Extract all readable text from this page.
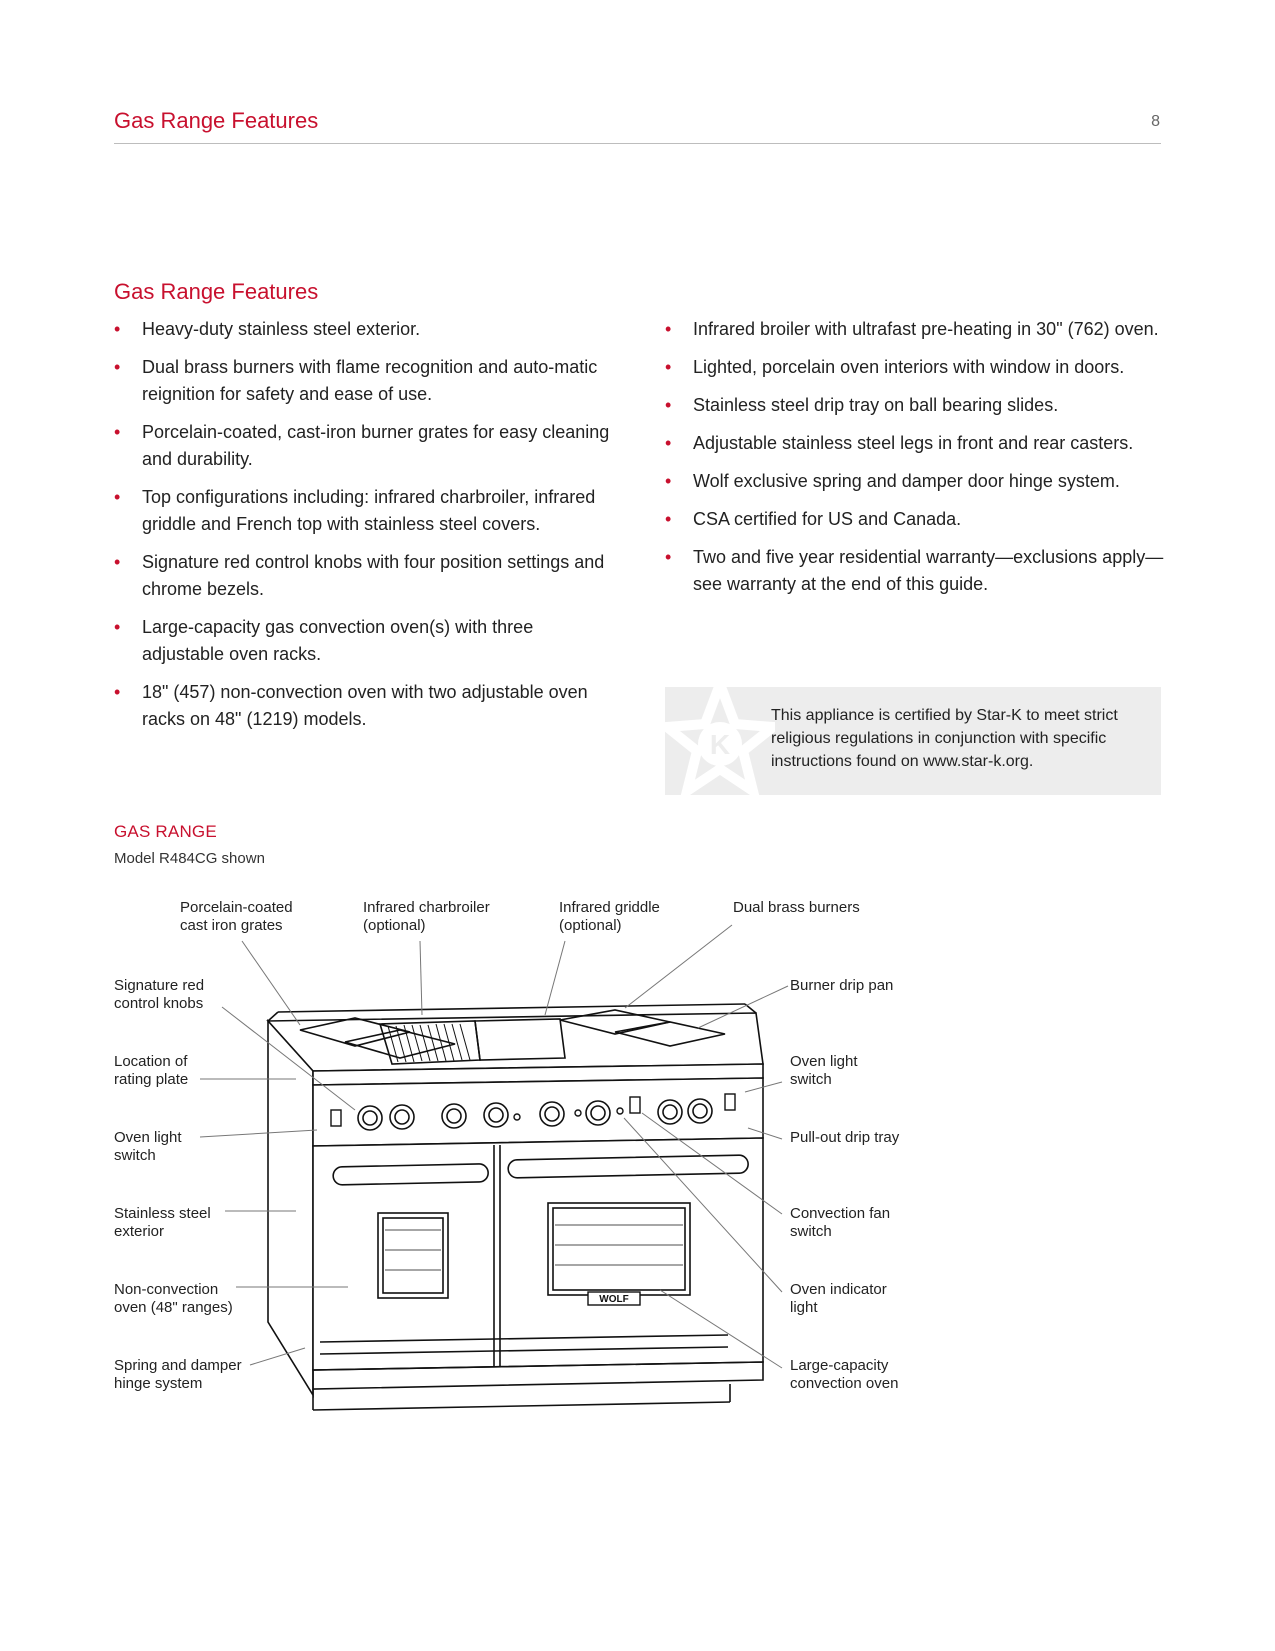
Gas Range Features	8
Gas Range Features
• Heavy-duty stainless steel exterior.
• Dual brass burners with flame recognition and auto-matic reignition for safety and ease of use.
• Porcelain-coated, cast-iron burner grates for easy cleaning and durability.
• Top configurations including: infrared charbroiler, infrared griddle and French top with stainless steel covers.
• Signature red control knobs with four position settings and chrome bezels.
• Large-capacity gas convection oven(s) with three adjustable oven racks.
• 18" (457) non-convection oven with two adjustable oven racks on 48" (1219) models.
• Infrared broiler with ultrafast pre-heating in 30" (762) oven.
• Lighted, porcelain oven interiors with window in doors.
• Stainless steel drip tray on ball bearing slides.
• Adjustable stainless steel legs in front and rear casters.
• Wolf exclusive spring and damper door hinge system.
• CSA certified for US and Canada.
• Two and five year residential warranty—exclusions apply—see warranty at the end of this guide.
K
This appliance is certified by Star-K to meet strict religious regulations in conjunction with specific instructions found on www.star-k.org.
GAS RANGE
Model R484CG shown
WOLF
Porcelain-coated
cast iron grates
Infrared charbroiler
(optional)
Infrared griddle
(optional)
Dual brass burners
Signature red
control knobs
Burner drip pan
Location of
rating plate
Oven light
switch
Oven light
switch
Pull-out drip tray
Stainless steel
exterior
Convection fan
switch
Non-convection
oven (48" ranges)
Oven indicator
light
Spring and damper
hinge system
Large-capacity
convection oven
